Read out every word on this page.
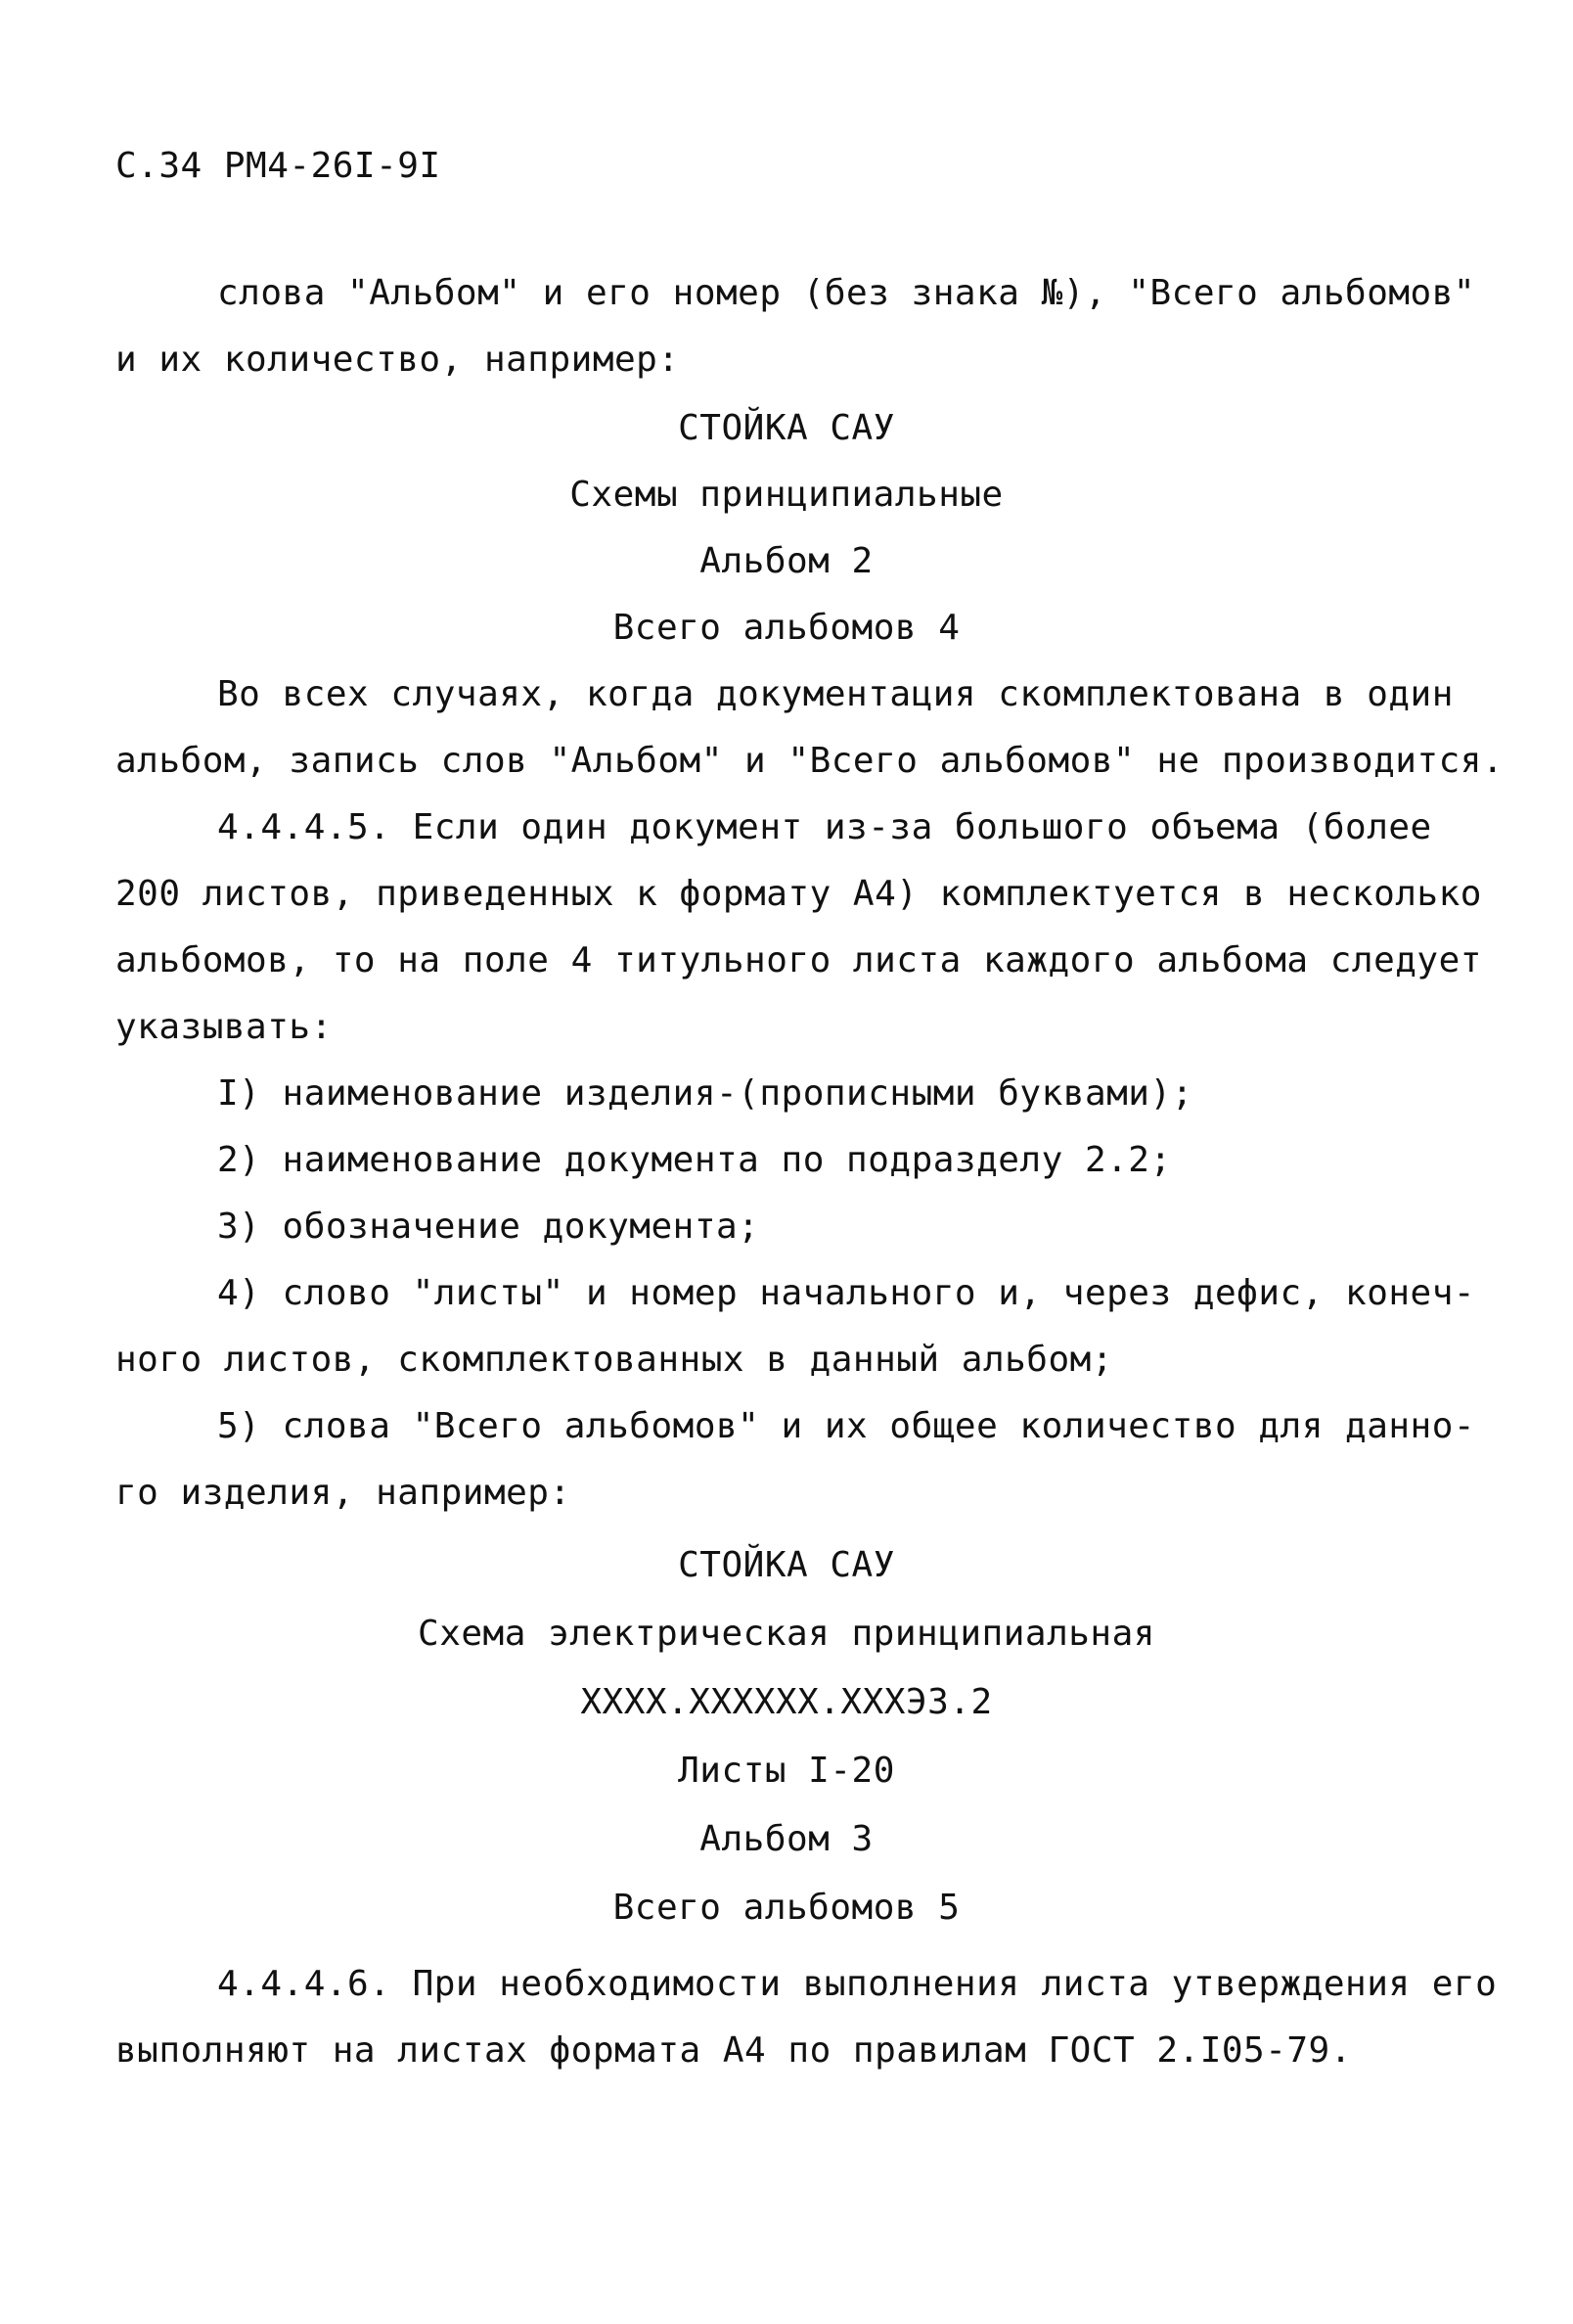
С.34 РМ4-26I-9I
слова "Альбом" и его номер (без знака №), "Всего альбомов"
и их количество, например:
СТОЙКА САУ
Схемы принципиальные
Альбом 2
Всего альбомов 4
Во всех случаях, когда документация скомплектована в один
альбом, запись слов "Альбом" и "Всего альбомов" не производится.
4.4.4.5. Если один документ из-за большого объема (более
200 листов, приведенных к формату А4) комплектуется в несколько
альбомов, то на поле 4 титульного листа каждого альбома следует
указывать:
I) наименование изделия-(прописными буквами);
2) наименование документа по подразделу 2.2;
3) обозначение документа;
4) слово "листы" и номер начального и, через дефис, конеч-
ного листов, скомплектованных в данный альбом;
5) слова "Всего альбомов" и их общее количество для данно-
го изделия, например:
СТОЙКА САУ
Схема электрическая принципиальная
XXXX.XXXXXX.XXXЭЗ.2
Листы I-20
Альбом 3
Всего альбомов 5
4.4.4.6. При необходимости выполнения листа утверждения его
выполняют на листах формата А4 по правилам ГОСТ 2.I05-79.
